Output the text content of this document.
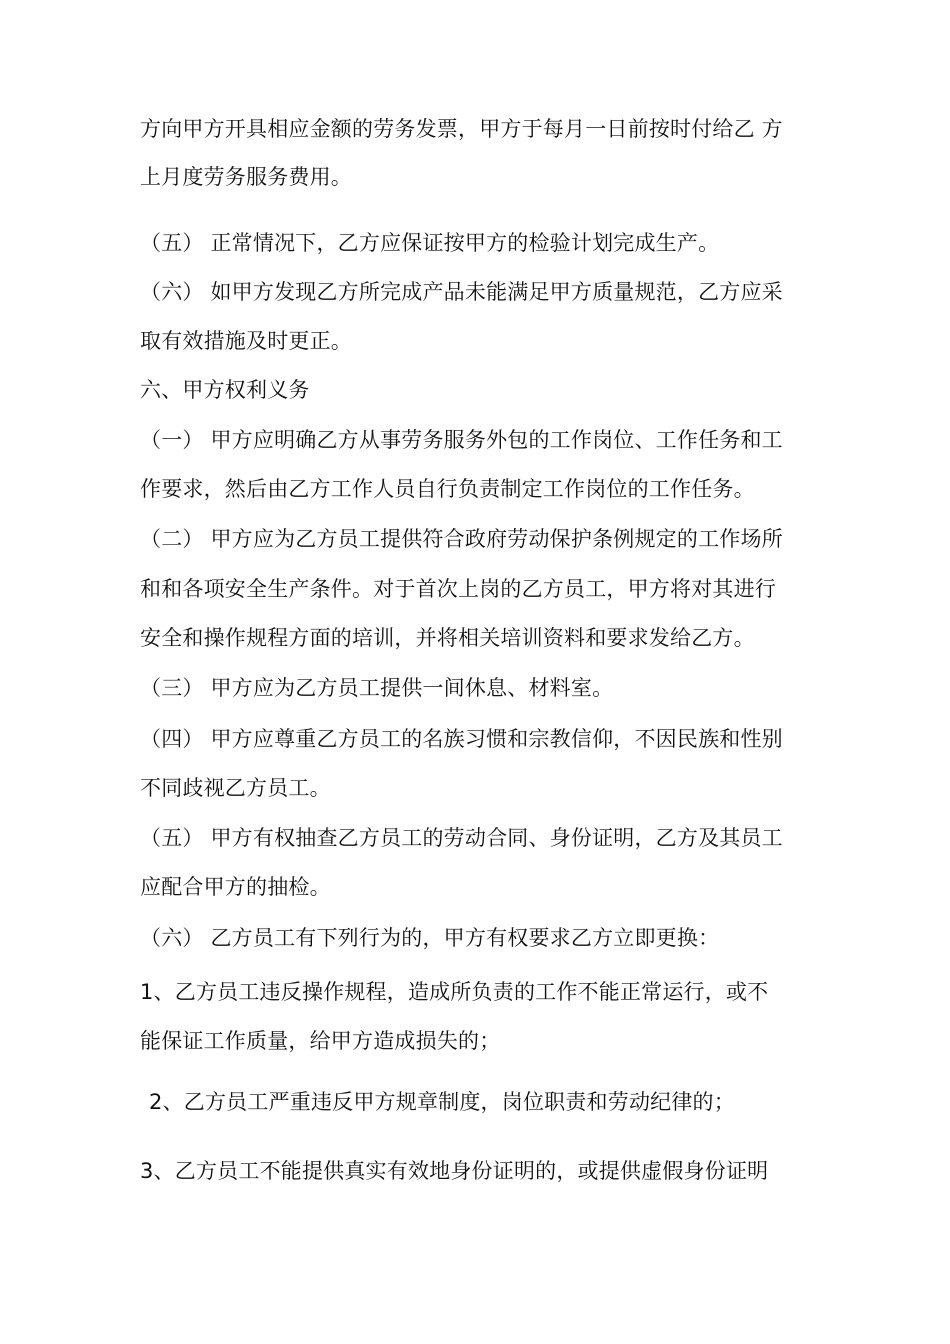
方向甲方开具相应金额的劳务发票，甲方于每月一日前按时付给乙 方
上月度劳务服务费用。
（五） 正常情况下，乙方应保证按甲方的检验计划完成生产。
（六） 如甲方发现乙方所完成产品未能满足甲方质量规范，乙方应采
取有效措施及时更正。
六、甲方权利义务
（一） 甲方应明确乙方从事劳务服务外包的工作岗位、工作任务和工
作要求，然后由乙方工作人员自行负责制定工作岗位的工作任务。
（二） 甲方应为乙方员工提供符合政府劳动保护条例规定的工作场所
和和各项安全生产条件。对于首次上岗的乙方员工，甲方将对其进行
安全和操作规程方面的培训，并将相关培训资料和要求发给乙方。
（三） 甲方应为乙方员工提供一间休息、材料室。
（四） 甲方应尊重乙方员工的名族习惯和宗教信仰，不因民族和性别
不同歧视乙方员工。
（五） 甲方有权抽查乙方员工的劳动合同、身份证明，乙方及其员工
应配合甲方的抽检。
（六） 乙方员工有下列行为的，甲方有权要求乙方立即更换：
1、乙方员工违反操作规程，造成所负责的工作不能正常运行，或不
能保证工作质量，给甲方造成损失的；
2、乙方员工严重违反甲方规章制度，岗位职责和劳动纪律的；
3、乙方员工不能提供真实有效地身份证明的，或提供虚假身份证明
